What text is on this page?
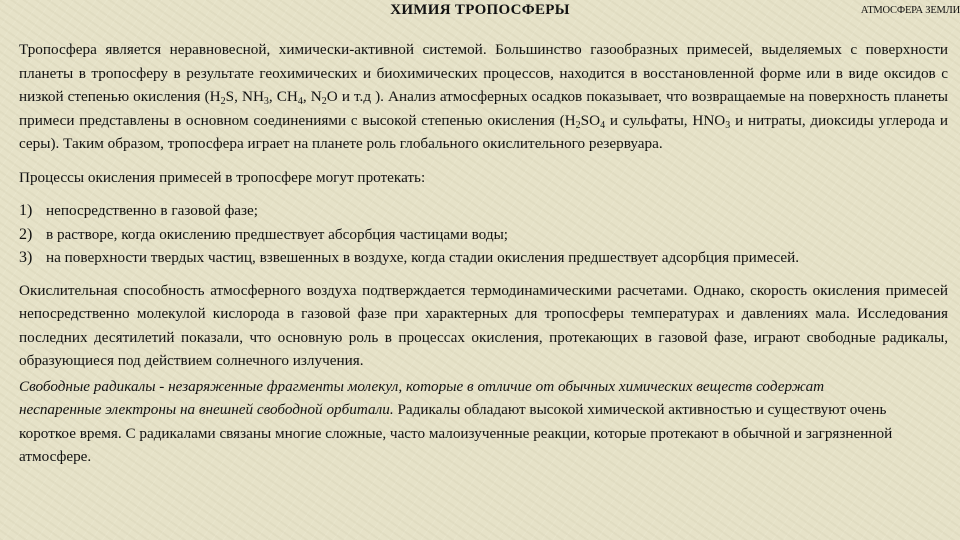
ХИМИЯ ТРОПОСФЕРЫ	АТМОСФЕРА ЗЕМЛИ

Тропосфера является неравновесной, химически-активной системой. Большинство газообразных примесей, выделяемых с поверхности планеты в тропосферу в результате геохимических и биохимических процессов, находится в восстановленной форме или в виде оксидов с низкой степенью окисления ($H_2S$, $NH_3$, $CH_4$, $N_2O$ и т.д ). Анализ атмосферных осадков показывает, что возвращаемые на поверхность планеты примеси представлены в основном соединениями с высокой степенью окисления ($H_2SO_4$ и сульфаты, $HNO_3$ и нитраты, диоксиды углерода и серы). Таким образом, тропосфера играет на планете роль глобального окислительного резервуара.

Процессы окисления примесей в тропосфере могут протекать:

1) непосредственно в газовой фазе;
2) в растворе, когда окислению предшествует абсорбция частицами воды;
3) на поверхности твердых частиц, взвешенных в воздухе, когда стадии окисления предшествует адсорбция примесей.

Окислительная способность атмосферного воздуха подтверждается термодинамическими расчетами. Однако, скорость окисления примесей непосредственно молекулой кислорода в газовой фазе при характерных для тропосферы температурах и давлениях мала. Исследования последних десятилетий показали, что основную роль в процессах окисления, протекающих в газовой фазе, играют свободные радикалы, образующиеся под действием солнечного излучения.

Свободные радикалы - незаряженные фрагменты молекул, которые в отличие от обычных химических веществ содержат неспаренные электроны на внешней свободной орбитали. Радикалы обладают высокой химической активностью и существуют очень короткое время. С радикалами связаны многие сложные, часто малоизученные реакции, которые протекают в обычной и загрязненной атмосфере.
